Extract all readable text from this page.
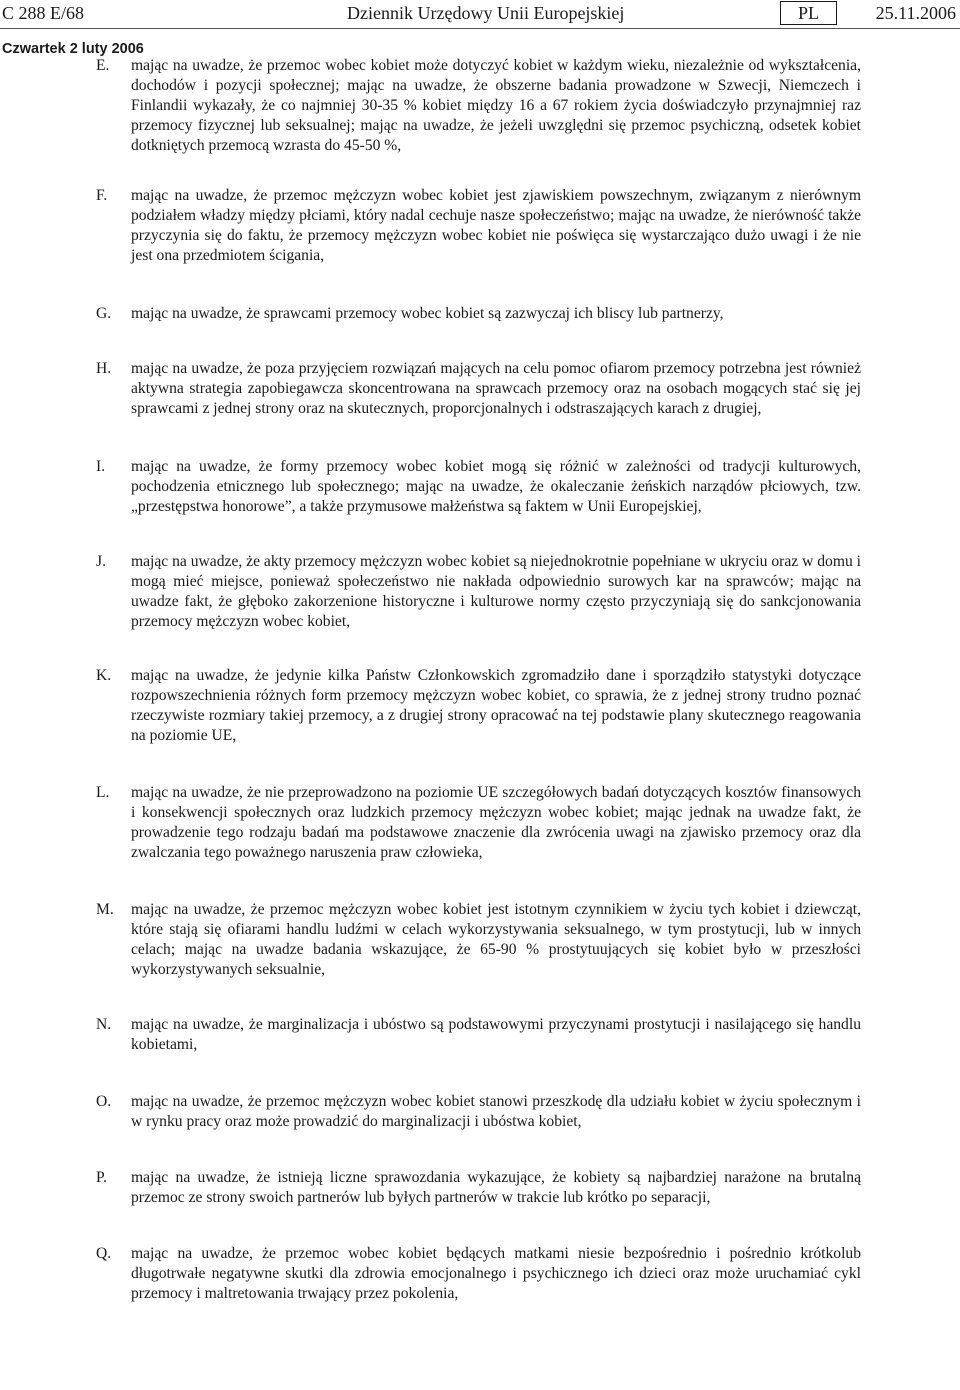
C 288 E/68	Dziennik Urzędowy Unii Europejskiej	PL	25.11.2006
Czwartek 2 luty 2006
E. mając na uwadze, że przemoc wobec kobiet może dotyczyć kobiet w każdym wieku, niezależnie od wykształcenia, dochodów i pozycji społecznej; mając na uwadze, że obszerne badania prowadzone w Szwecji, Niemczech i Finlandii wykazały, że co najmniej 30-35 % kobiet między 16 a 67 rokiem życia doświadczyło przynajmniej raz przemocy fizycznej lub seksualnej; mając na uwadze, że jeżeli uwzględni się przemoc psychiczną, odsetek kobiet dotkniętych przemocą wzrasta do 45-50 %,
F. mając na uwadze, że przemoc mężczyzn wobec kobiet jest zjawiskiem powszechnym, związanym z nierównym podziałem władzy między płciami, który nadal cechuje nasze społeczeństwo; mając na uwadze, że nierówność także przyczynia się do faktu, że przemocy mężczyzn wobec kobiet nie poświęca się wystarczająco dużo uwagi i że nie jest ona przedmiotem ścigania,
G. mając na uwadze, że sprawcami przemocy wobec kobiet są zazwyczaj ich bliscy lub partnerzy,
H. mając na uwadze, że poza przyjęciem rozwiązań mających na celu pomoc ofiarom przemocy potrzebna jest również aktywna strategia zapobiegawcza skoncentrowana na sprawcach przemocy oraz na osobach mogących stać się jej sprawcami z jednej strony oraz na skutecznych, proporcjonalnych i odstraszających karach z drugiej,
I. mając na uwadze, że formy przemocy wobec kobiet mogą się różnić w zależności od tradycji kulturowych, pochodzenia etnicznego lub społecznego; mając na uwadze, że okaleczanie żeńskich narządów płciowych, tzw. „przestępstwa honorowe”, a także przymusowe małżeństwa są faktem w Unii Europejskiej,
J. mając na uwadze, że akty przemocy mężczyzn wobec kobiet są niejednokrotnie popełniane w ukryciu oraz w domu i mogą mieć miejsce, ponieważ społeczeństwo nie nakłada odpowiednio surowych kar na sprawców; mając na uwadze fakt, że głęboko zakorzenione historyczne i kulturowe normy często przyczyniają się do sankcjonowania przemocy mężczyzn wobec kobiet,
K. mając na uwadze, że jedynie kilka Państw Członkowskich zgromadziło dane i sporządziło statystyki dotyczące rozpowszechnienia różnych form przemocy mężczyzn wobec kobiet, co sprawia, że z jednej strony trudno poznać rzeczywiste rozmiary takiej przemocy, a z drugiej strony opracować na tej podstawie plany skutecznego reagowania na poziomie UE,
L. mając na uwadze, że nie przeprowadzono na poziomie UE szczegółowych badań dotyczących kosztów finansowych i konsekwencji społecznych oraz ludzkich przemocy mężczyzn wobec kobiet; mając jednak na uwadze fakt, że prowadzenie tego rodzaju badań ma podstawowe znaczenie dla zwrócenia uwagi na zjawisko przemocy oraz dla zwalczania tego poważnego naruszenia praw człowieka,
M. mając na uwadze, że przemoc mężczyzn wobec kobiet jest istotnym czynnikiem w życiu tych kobiet i dziewcząt, które stają się ofiarami handlu ludźmi w celach wykorzystywania seksualnego, w tym prostytucji, lub w innych celach; mając na uwadze badania wskazujące, że 65-90 % prostytuujących się kobiet było w przeszłości wykorzystywanych seksualnie,
N. mając na uwadze, że marginalizacja i ubóstwo są podstawowymi przyczynami prostytucji i nasilającego się handlu kobietami,
O. mając na uwadze, że przemoc mężczyzn wobec kobiet stanowi przeszkodę dla udziału kobiet w życiu społecznym i w rynku pracy oraz może prowadzić do marginalizacji i ubóstwa kobiet,
P. mając na uwadze, że istnieją liczne sprawozdania wykazujące, że kobiety są najbardziej narażone na brutalną przemoc ze strony swoich partnerów lub byłych partnerów w trakcie lub krótko po separacji,
Q. mając na uwadze, że przemoc wobec kobiet będących matkami niesie bezpośrednio i pośrednio krótkolub długotrwałe negatywne skutki dla zdrowia emocjonalnego i psychicznego ich dzieci oraz może uruchamiać cykl przemocy i maltretowania trwający przez pokolenia,
